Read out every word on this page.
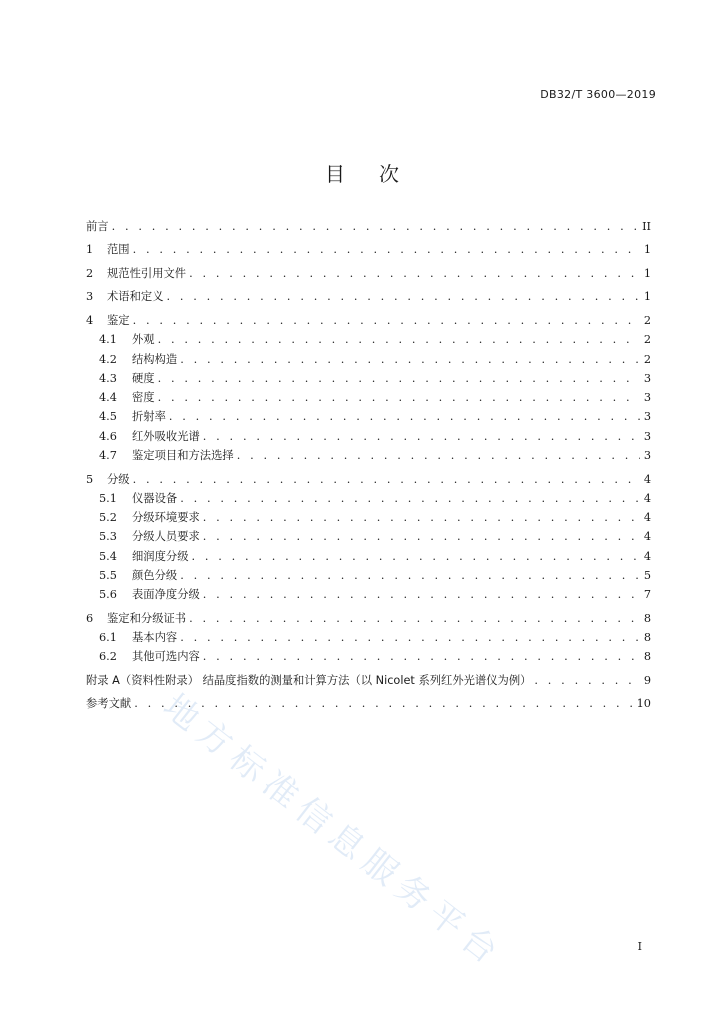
DB32/T 3600—2019
目次
前言 . . .	II
1	范围 . . .	1
2	规范性引用文件 . . .	1
3	术语和定义 . . .	1
4	鉴定 . . .	2
4.1	外观 . . .	2
4.2	结构构造 . . .	2
4.3	硬度 . . .	3
4.4	密度 . . .	3
4.5	折射率 . . .	3
4.6	红外吸收光谱 . . .	3
4.7	鉴定项目和方法选择 . . .	3
5	分级 . . .	4
5.1	仪器设备 . . .	4
5.2	分级环境要求 . . .	4
5.3	分级人员要求 . . .	4
5.4	细润度分级 . . .	4
5.5	颜色分级 . . .	5
5.6	表面净度分级 . . .	7
6	鉴定和分级证书 . . .	8
6.1	基本内容 . . .	8
6.2	其他可选内容 . . .	8
附录 A（资料性附录） 结晶度指数的测量和计算方法（以 Nicolet 系列红外光谱仪为例） . . .	9
参考文献 . . .	10
I
地方标准信息服务平台
